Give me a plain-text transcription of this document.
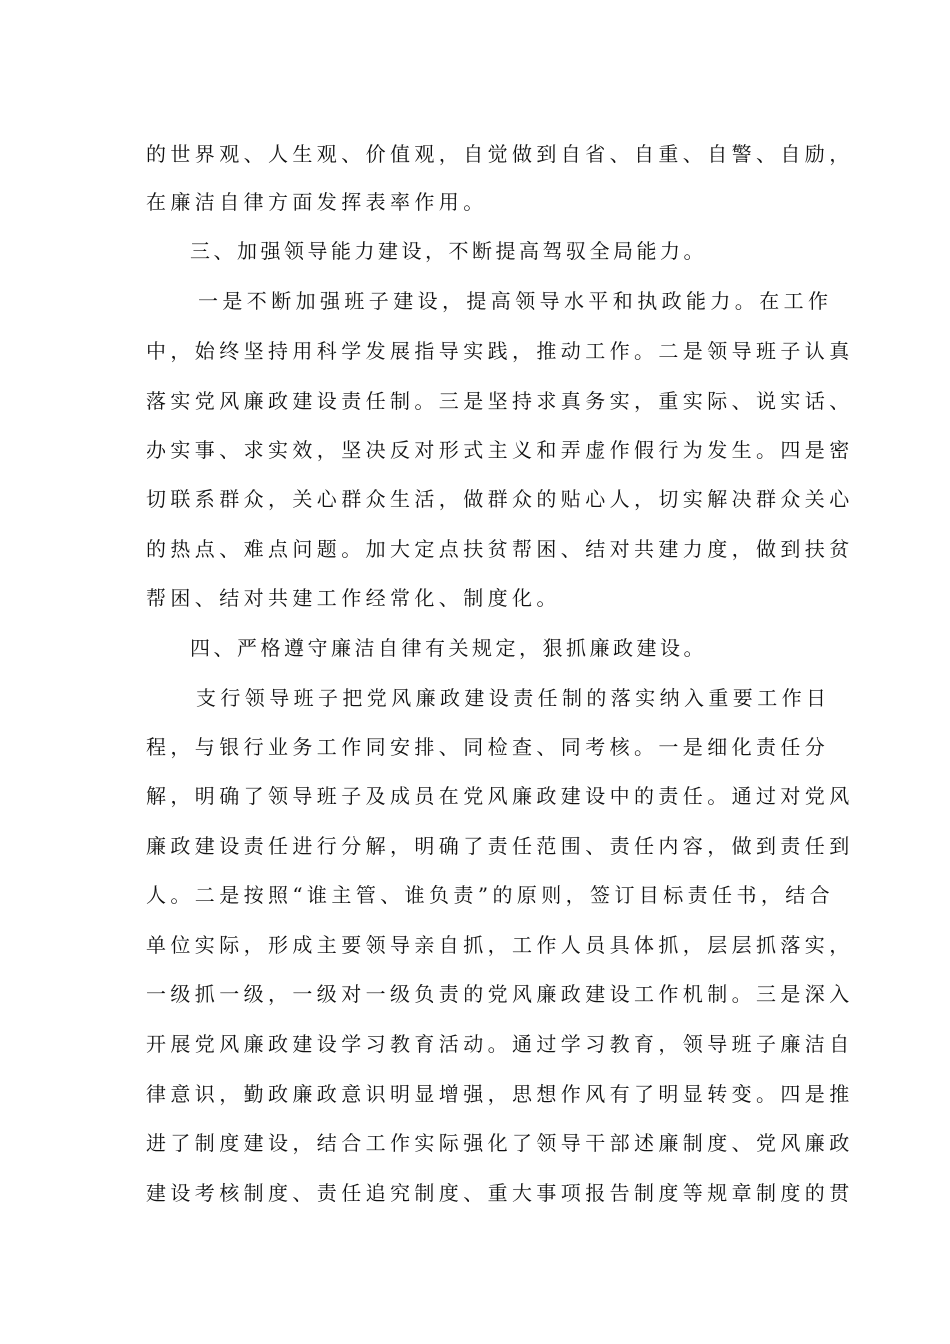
的世界观、人生观、价值观，自觉做到自省、自重、自警、自励，
在廉洁自律方面发挥表率作用。
三、加强领导能力建设，不断提高驾驭全局能力。
一是不断加强班子建设，提高领导水平和执政能力。在工作
中，始终坚持用科学发展指导实践，推动工作。二是领导班子认真
落实党风廉政建设责任制。三是坚持求真务实，重实际、说实话、
办实事、求实效，坚决反对形式主义和弄虚作假行为发生。四是密
切联系群众，关心群众生活，做群众的贴心人，切实解决群众关心
的热点、难点问题。加大定点扶贫帮困、结对共建力度，做到扶贫
帮困、结对共建工作经常化、制度化。
四、严格遵守廉洁自律有关规定，狠抓廉政建设。
支行领导班子把党风廉政建设责任制的落实纳入重要工作日
程，与银行业务工作同安排、同检查、同考核。一是细化责任分
解，明确了领导班子及成员在党风廉政建设中的责任。通过对党风
廉政建设责任进行分解，明确了责任范围、责任内容，做到责任到
人。二是按照“谁主管、谁负责”的原则，签订目标责任书，结合
单位实际，形成主要领导亲自抓，工作人员具体抓，层层抓落实，
一级抓一级，一级对一级负责的党风廉政建设工作机制。三是深入
开展党风廉政建设学习教育活动。通过学习教育，领导班子廉洁自
律意识，勤政廉政意识明显增强，思想作风有了明显转变。四是推
进了制度建设，结合工作实际强化了领导干部述廉制度、党风廉政
建设考核制度、责任追究制度、重大事项报告制度等规章制度的贯
